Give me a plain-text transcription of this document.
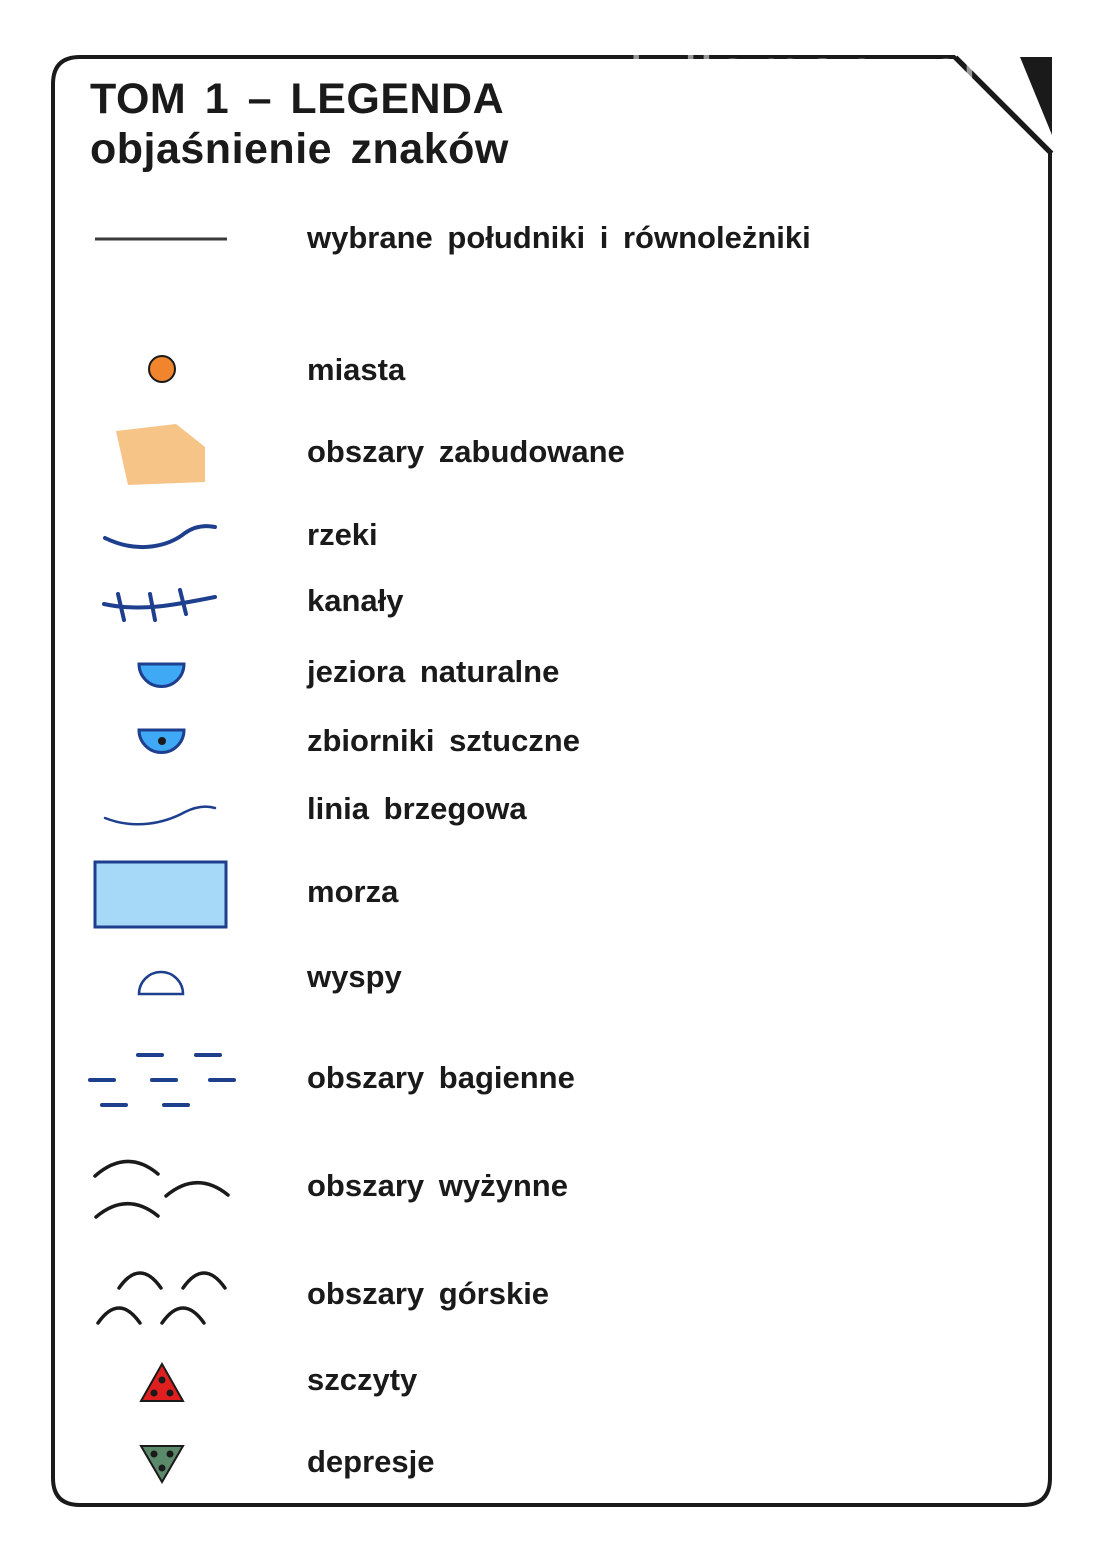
fullomapy.pl
TOM 1 – LEGENDA
objaśnienie znaków
wybrane południki i równoleżniki
miasta
obszary zabudowane
rzeki
kanały
jeziora naturalne
zbiorniki sztuczne
linia brzegowa
morza
wyspy
obszary bagienne
obszary wyżynne
obszary górskie
szczyty
depresje
